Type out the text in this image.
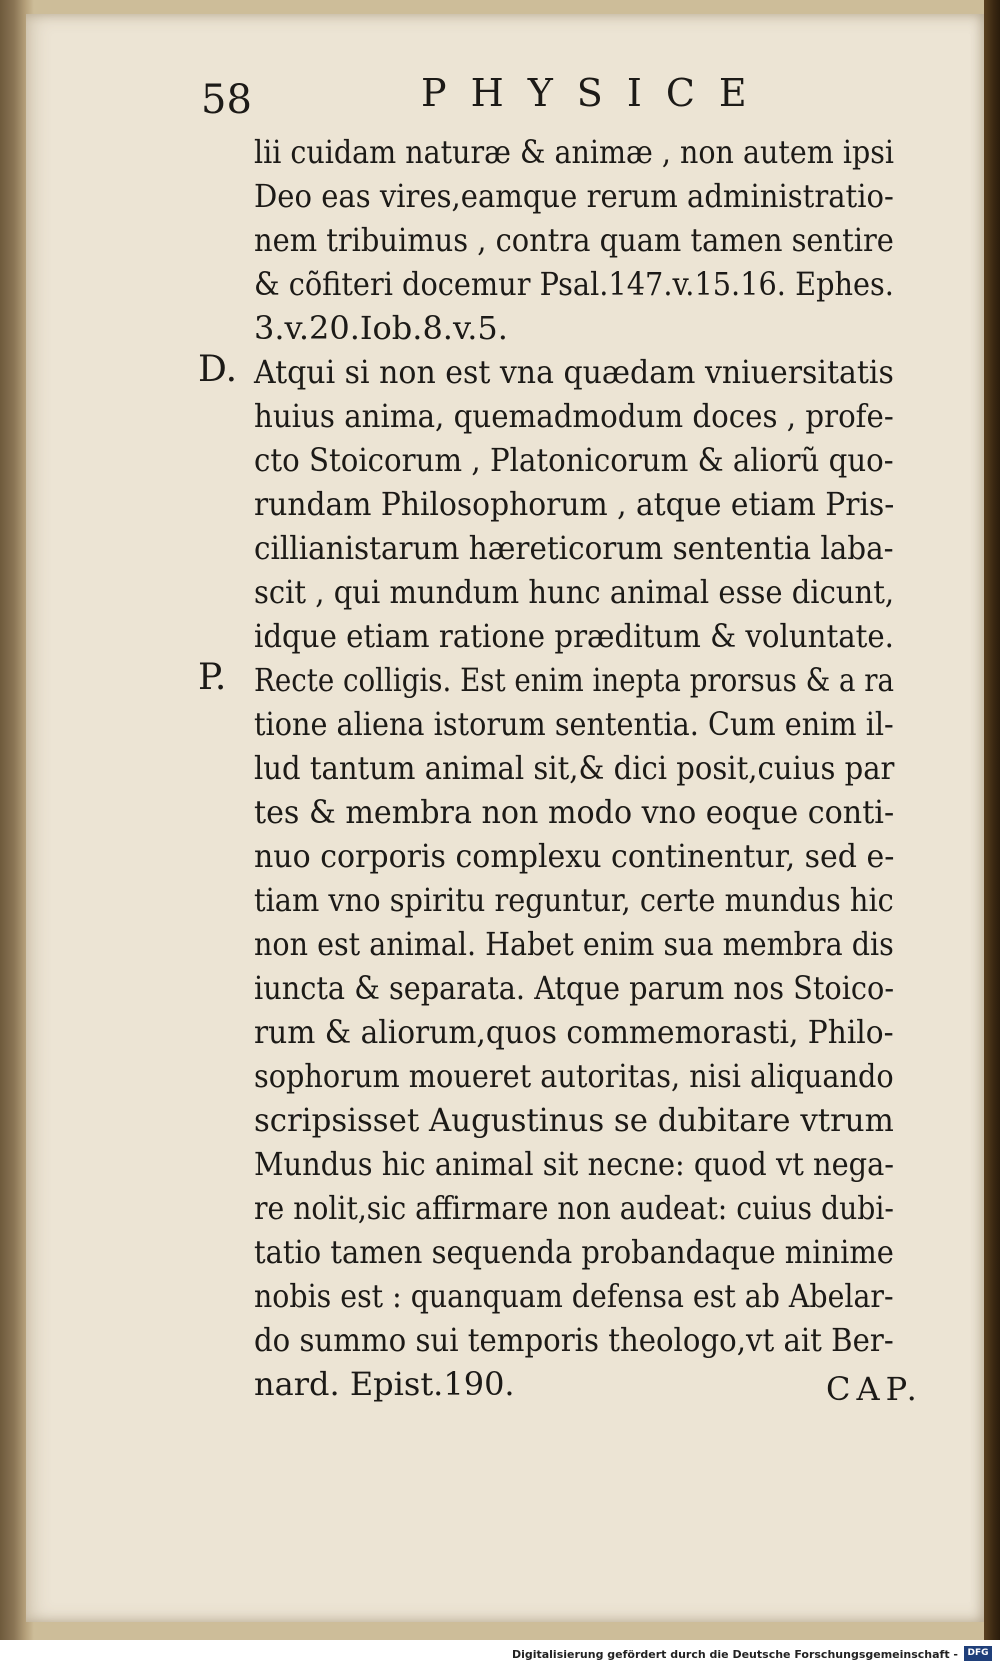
58	PHYSICE
lii cuidam naturæ & animæ , non autem ipsi
Deo eas vires,eamque rerum administratio-
nem tribuimus , contra quam tamen sentire
& cõfiteri docemur Psal.147.v.15.16. Ephes.
3.v.20.Iob.8.v.5.
D. Atqui si non est vna quædam vniuersitatis
huius anima, quemadmodum doces , profe-
cto Stoicorum , Platonicorum & aliorũ quo-
rundam Philosophorum , atque etiam Pris-
cillianistarum hæreticorum sententia laba-
scit , qui mundum hunc animal esse dicunt,
idque etiam ratione præditum & voluntate.
P. Recte colligis. Est enim inepta prorsus & a ra
tione aliena istorum sententia. Cum enim il-
lud tantum animal sit,& dici posit,cuius par
tes & membra non modo vno eoque conti-
nuo corporis complexu continentur, sed e-
tiam vno spiritu reguntur, certe mundus hic
non est animal. Habet enim sua membra dis
iuncta & separata. Atque parum nos Stoico-
rum & aliorum,quos commemorasti, Philo-
sophorum moueret autoritas, nisi aliquando
scripsisset Augustinus se dubitare vtrum
Mundus hic animal sit necne: quod vt nega-
re nolit,sic affirmare non audeat: cuius dubi-
tatio tamen sequenda probandaque minime
nobis est : quanquam defensa est ab Abelar-
do summo sui temporis theologo,vt ait Ber-
nard. Epist.190.	CAP.
Digitalisierung gefördert durch die Deutsche Forschungsgemeinschaft -	DFG
